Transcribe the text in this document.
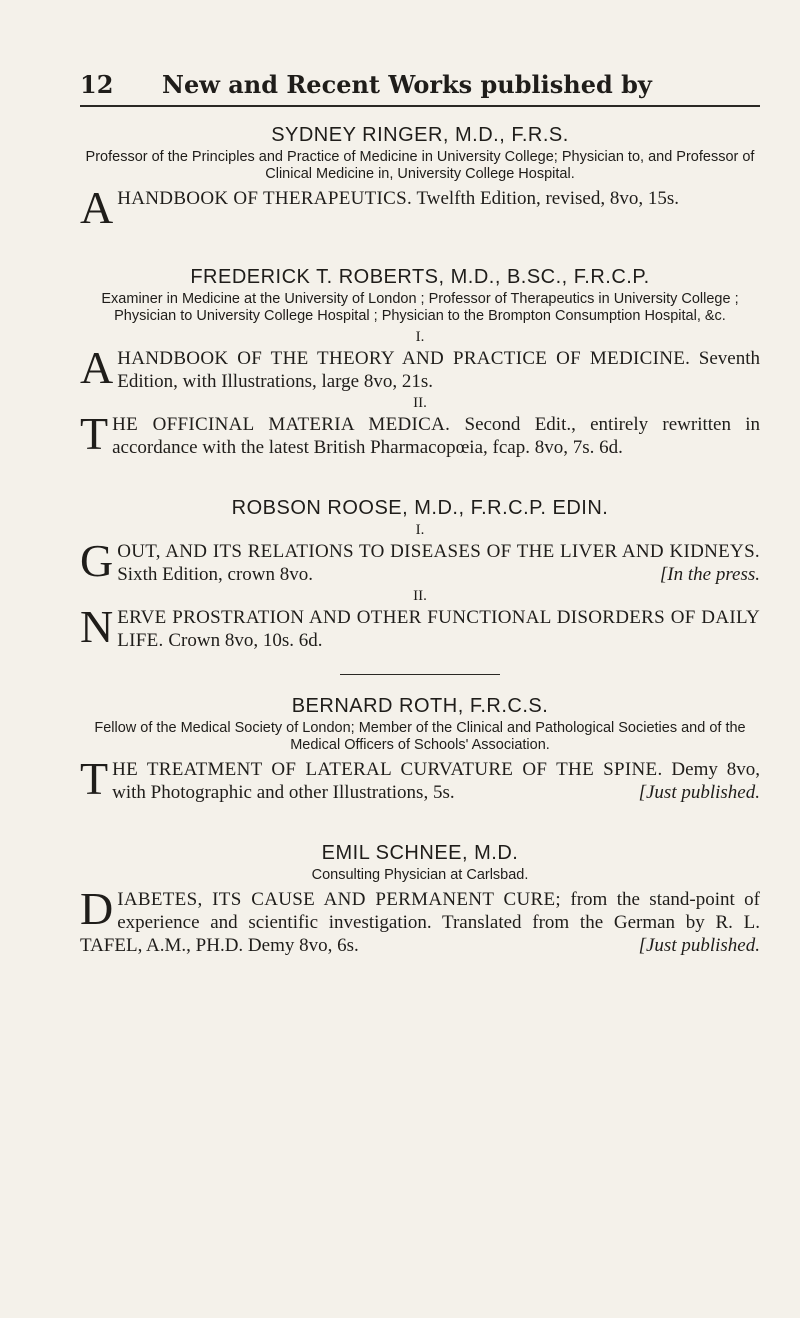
12 New and Recent Works published by
SYDNEY RINGER, M.D., F.R.S.
Professor of the Principles and Practice of Medicine in University College; Physician to, and Professor of Clinical Medicine in, University College Hospital.
AHANDBOOK OF THERAPEUTICS. Twelfth Edition, revised, 8vo, 15s.
FREDERICK T. ROBERTS, M.D., B.SC., F.R.C.P.
Examiner in Medicine at the University of London ; Professor of Therapeutics in University College ; Physician to University College Hospital ; Physician to the Brompton Consumption Hospital, &c.
I.
AHANDBOOK OF THE THEORY AND PRACTICE OF MEDICINE. Seventh Edition, with Illustrations, large 8vo, 21s.
II.
THE OFFICINAL MATERIA MEDICA. Second Edit., entirely rewritten in accordance with the latest British Pharmacopœia, fcap. 8vo, 7s. 6d.
ROBSON ROOSE, M.D., F.R.C.P. EDIN.
I.
GOUT, AND ITS RELATIONS TO DISEASES OF THE LIVER AND KIDNEYS. Sixth Edition, crown 8vo.	[In the press.
II.
NERVE PROSTRATION AND OTHER FUNCTIONAL DISORDERS OF DAILY LIFE. Crown 8vo, 10s. 6d.
BERNARD ROTH, F.R.C.S.
Fellow of the Medical Society of London; Member of the Clinical and Pathological Societies and of the Medical Officers of Schools' Association.
THE TREATMENT OF LATERAL CURVATURE OF THE SPINE. Demy 8vo, with Photographic and other Illustrations, 5s.	[Just published.
EMIL SCHNEE, M.D.
Consulting Physician at Carlsbad.
DIABETES, ITS CAUSE AND PERMANENT CURE; from the stand-point of experience and scientific investigation. Translated from the German by R. L. TAFEL, A.M., PH.D. Demy 8vo, 6s.	[Just published.
